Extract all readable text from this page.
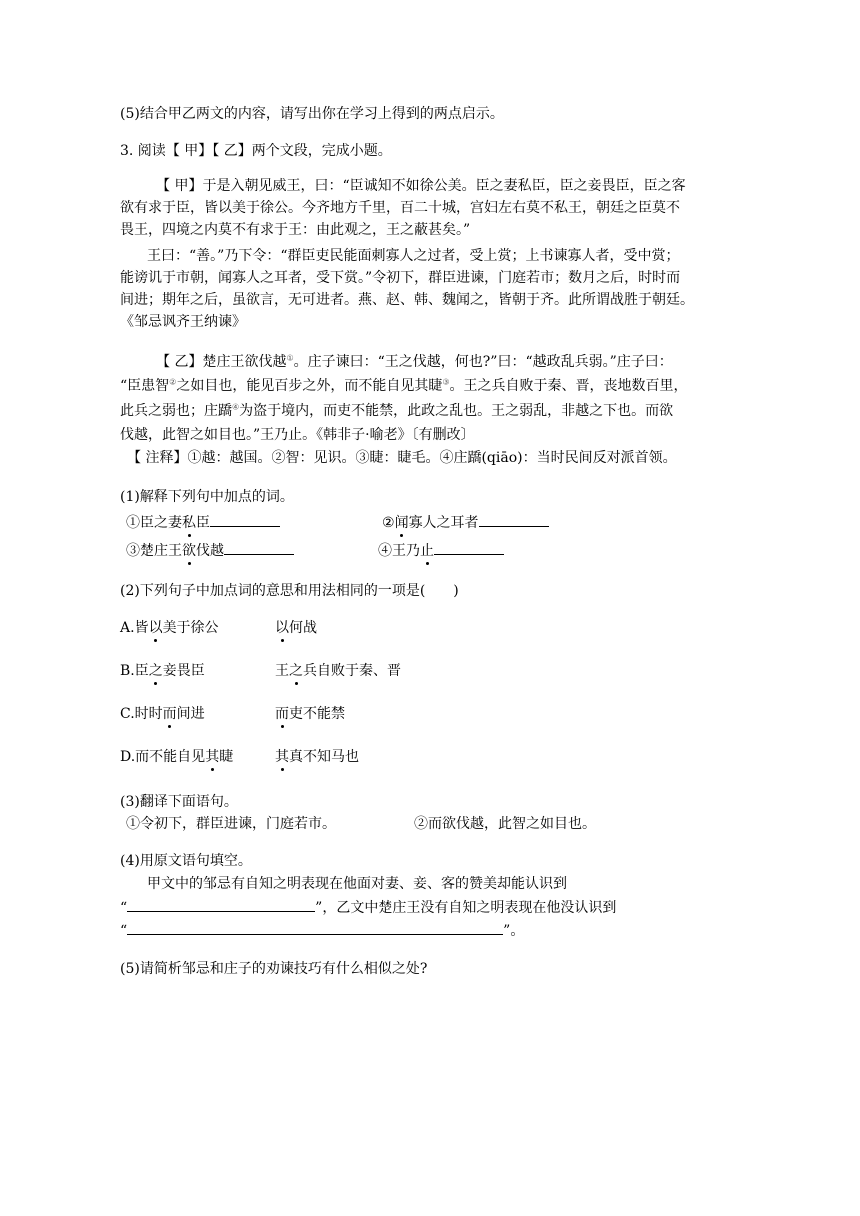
(5)结合甲乙两文的内容，请写出你在学习上得到的两点启示。
3. 阅读【 甲】【 乙】两个文段，完成小题。
【 甲】于是入朝见威王，曰：“臣诚知不如徐公美。臣之妻私臣，臣之妾畏臣，臣之客
欲有求于臣，皆以美于徐公。今齐地方千里，百二十城，宫妇左右莫不私王，朝廷之臣莫不
畏王，四境之内莫不有求于王：由此观之，王之蔽甚矣。”
王曰：“善。”乃下令：“群臣吏民能面刺寡人之过者，受上赏；上书谏寡人者，受中赏；
能谤讥于市朝，闻寡人之耳者，受下赏。”令初下，群臣进谏，门庭若市；数月之后，时时而
间进；期年之后，虽欲言，无可进者。燕、赵、韩、魏闻之，皆朝于齐。此所谓战胜于朝廷。
《邹忌讽齐王纳谏》
【 乙】楚庄王欲伐越①。庄子谏曰：“王之伐越，何也?”曰：“越政乱兵弱。”庄子曰：
“臣患智②之如目也，能见百步之外，而不能自见其睫③。王之兵自败于秦、晋，丧地数百里，
此兵之弱也；庄蹻④为盗于境内，而吏不能禁，此政之乱也。王之弱乱，非越之下也。而欲
伐越，此智之如目也。”王乃止。《韩非子·喻老》〔有删改〕
【 注释】①越：越国。②智：见识。③睫：睫毛。④庄蹻(qiāo)：当时民间反对派首领。
(1)解释下列句中加点的词。
①臣之妻私臣	②闻寡人之耳者
③楚庄王欲伐越	④王乃止
(2)下列句子中加点词的意思和用法相同的一项是(　　)
A.皆以美于徐公	以何战
B.臣之妾畏臣	王之兵自败于秦、晋
C.时时而间进	而吏不能禁
D.而不能自见其睫	其真不知马也
(3)翻译下面语句。
①令初下，群臣进谏，门庭若市。	②而欲伐越，此智之如目也。
(4)用原文语句填空。
甲文中的邹忌有自知之明表现在他面对妻、妾、客的赞美却能认识到
“	”，乙文中楚庄王没有自知之明表现在他没认识到
“	”。
(5)请简析邹忌和庄子的劝谏技巧有什么相似之处?
